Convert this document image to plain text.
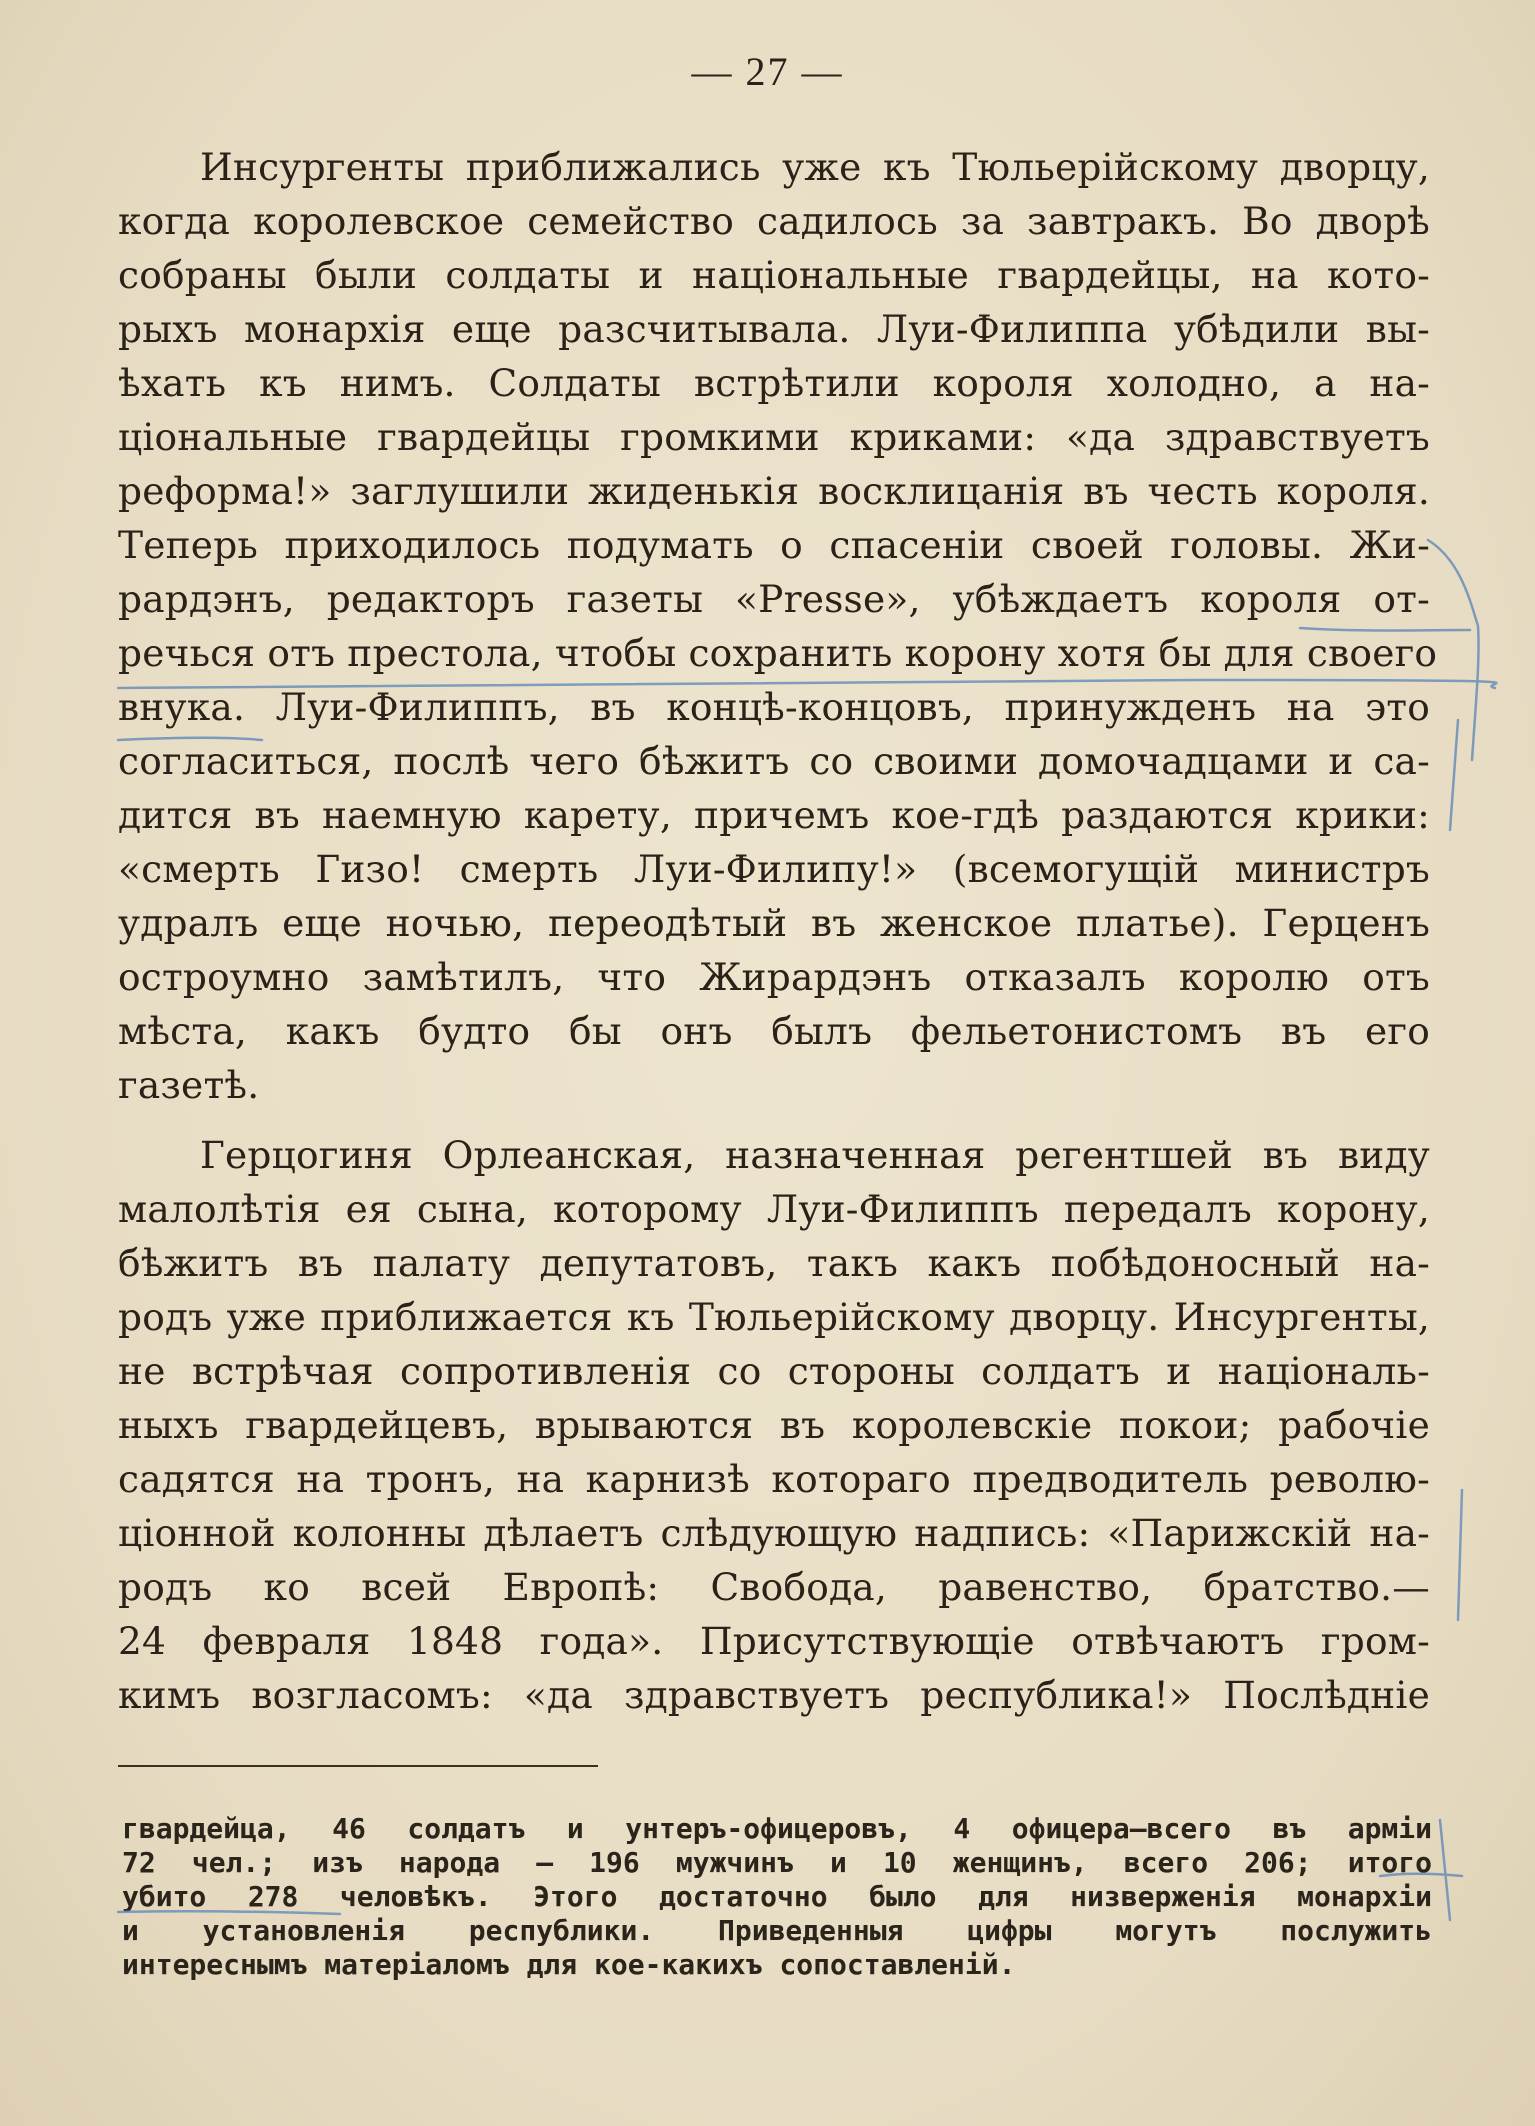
— 27 —
Инсургенты приближались уже къ Тюльерійскому дворцу,
когда королевское семейство садилось за завтракъ. Во дворѣ
собраны были солдаты и національные гвардейцы, на кото-
рыхъ монархія еще разсчитывала. Луи-Филиппа убѣдили вы-
ѣхать къ нимъ. Солдаты встрѣтили короля холодно, а на-
ціональные гвардейцы громкими криками: «да здравствуетъ
реформа!» заглушили жиденькія восклицанія въ честь короля.
Теперь приходилось подумать о спасеніи своей головы. Жи-
рардэнъ, редакторъ газеты «Presse», убѣждаетъ короля от-
речься отъ престола, чтобы сохранить корону хотя бы для своего
внука. Луи-Филиппъ, въ концѣ-концовъ, принужденъ на это
согласиться, послѣ чего бѣжитъ со своими домочадцами и са-
дится въ наемную карету, причемъ кое-гдѣ раздаются крики:
«смерть Гизо! смерть Луи-Филипу!» (всемогущій министръ
удралъ еще ночью, переодѣтый въ женское платье). Герценъ
остроумно замѣтилъ, что Жирардэнъ отказалъ королю отъ
мѣста, какъ будто бы онъ былъ фельетонистомъ въ его
газетѣ.
Герцогиня Орлеанская, назначенная регентшей въ виду
малолѣтія ея сына, которому Луи-Филиппъ передалъ корону,
бѣжитъ въ палату депутатовъ, такъ какъ побѣдоносный на-
родъ уже приближается къ Тюльерійскому дворцу. Инсургенты,
не встрѣчая сопротивленія со стороны солдатъ и національ-
ныхъ гвардейцевъ, врываются въ королевскіе покои; рабочіе
садятся на тронъ, на карнизѣ котораго предводитель револю-
ціонной колонны дѣлаетъ слѣдующую надпись: «Парижскій на-
родъ ко всей Европѣ: Свобода, равенство, братство.—
24 февраля 1848 года». Присутствующіе отвѣчаютъ гром-
кимъ возгласомъ: «да здравствуетъ республика!» Послѣдніе
гвардейца, 46 солдатъ и унтеръ-офицеровъ, 4 офицера—всего въ арміи
72 чел.; изъ народа — 196 мужчинъ и 10 женщинъ, всего 206; итого
убито 278 человѣкъ. Этого достаточно было для низверженія монархіи
и установленія республики. Приведенныя цифры могутъ послужить
интереснымъ матеріаломъ для кое-какихъ сопоставленій.
